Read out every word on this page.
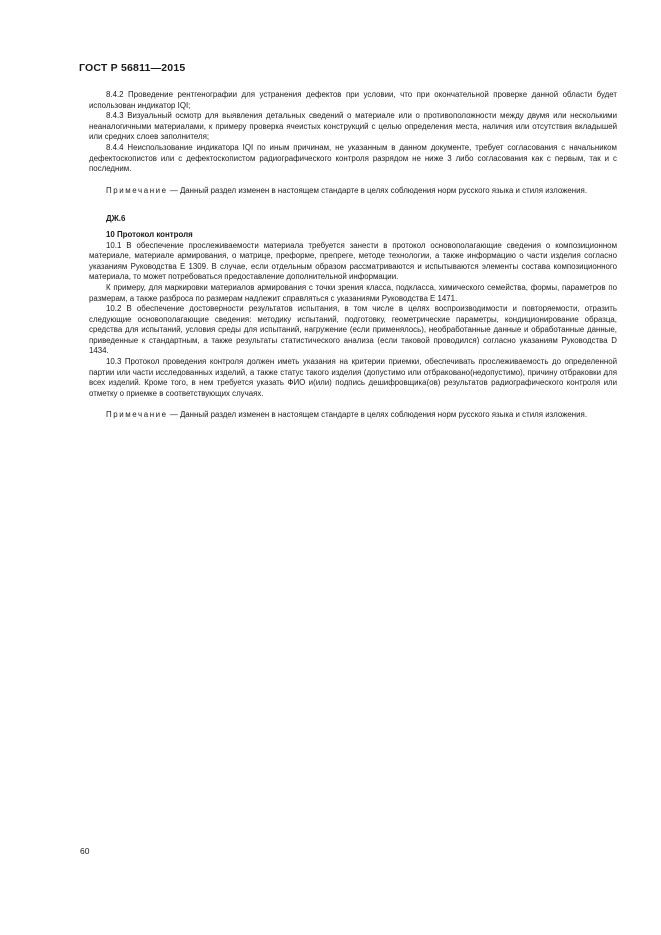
ГОСТ Р 56811—2015

8.4.2 Проведение рентгенографии для устранения дефектов при условии, что при окончательной проверке данной области будет использован индикатор IQI;

8.4.3 Визуальный осмотр для выявления детальных сведений о материале или о противоположности между двумя или несколькими неаналогичными материалами, к примеру проверка ячеистых конструкций с целью определения места, наличия или отсутствия вкладышей или средних слоев заполнителя;

8.4.4 Неиспользование индикатора IQI по иным причинам, не указанным в данном документе, требует согласования с начальником дефектоскопистов или с дефектоскопистом радиографического контроля разрядом не ниже 3 либо согласования как с первым, так и с последним.

Примечание — Данный раздел изменен в настоящем стандарте в целях соблюдения норм русского языка и стиля изложения.

ДЖ.6
10 Протокол контроля

10.1 В обеспечение прослеживаемости материала требуется занести в протокол основополагающие сведения о композиционном материале, материале армирования, о матрице, преформе, препреге, методе технологии, а также информацию о части изделия согласно указаниям Руководства E 1309. В случае, если отдельным образом рассматриваются и испытываются элементы состава композиционного материала, то может потребоваться предоставление дополнительной информации.

К примеру, для маркировки материалов армирования с точки зрения класса, подкласса, химического семейства, формы, параметров по размерам, а также разброса по размерам надлежит справляться с указаниями Руководства E 1471.

10.2 В обеспечение достоверности результатов испытания, в том числе в целях воспроизводимости и повторяемости, отразить следующие основополагающие сведения: методику испытаний, подготовку, геометрические параметры, кондиционирование образца, средства для испытаний, условия среды для испытаний, нагружение (если применялось), необработанные данные и обработанные данные, приведенные к стандартным, а также результаты статистического анализа (если таковой проводился) согласно указаниям Руководства D 1434.

10.3 Протокол проведения контроля должен иметь указания на критерии приемки, обеспечивать прослеживаемость до определенной партии или части исследованных изделий, а также статус такого изделия (допустимо или отбраковано(недопустимо), причину отбраковки для всех изделий. Кроме того, в нем требуется указать ФИО и(или) подпись дешифровщика(ов) результатов радиографического контроля или отметку о приемке в соответствующих случаях.

Примечание — Данный раздел изменен в настоящем стандарте в целях соблюдения норм русского языка и стиля изложения.

60
